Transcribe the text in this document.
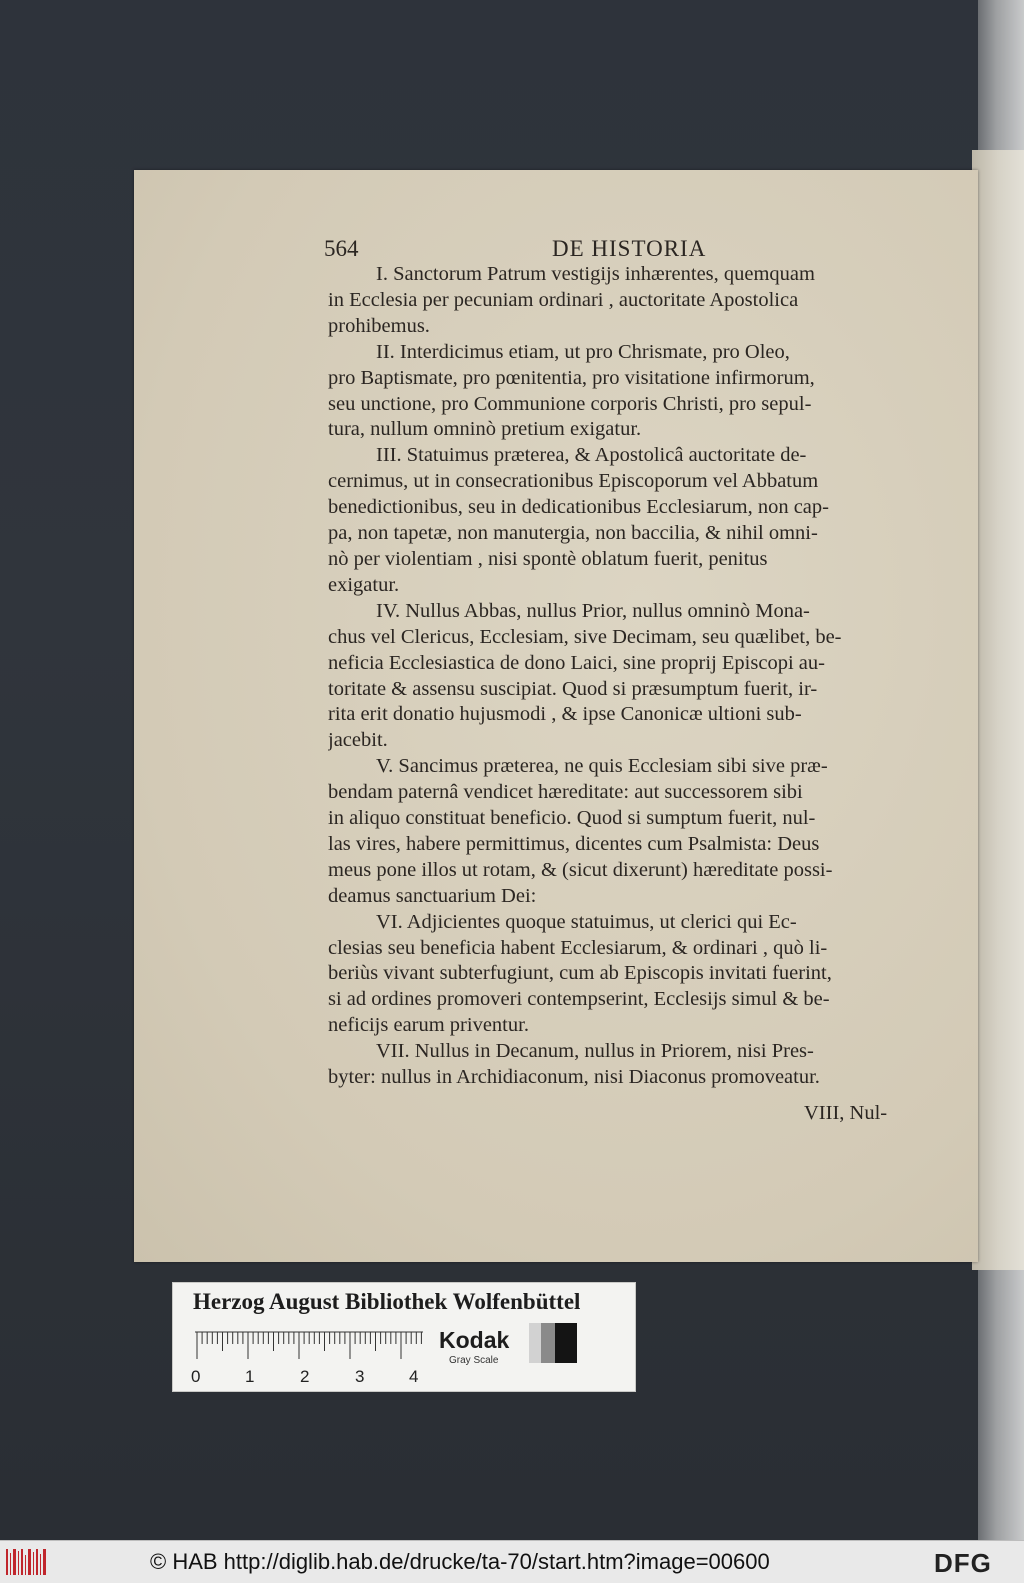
564	DE HISTORIA
I. Sanctorum Patrum vestigijs inhærentes, quemquam
in Ecclesia per pecuniam ordinari , auctoritate Apostolica
prohibemus.
II. Interdicimus etiam, ut pro Chrismate, pro Oleo,
pro Baptismate, pro pœnitentia, pro visitatione infirmorum,
seu unctione, pro Communione corporis Christi, pro sepul-
tura, nullum omninò pretium exigatur.
III. Statuimus præterea, & Apostolicâ auctoritate de-
cernimus, ut in consecrationibus Episcoporum vel Abbatum
benedictionibus, seu in dedicationibus Ecclesiarum, non cap-
pa, non tapetæ, non manutergia, non baccilia, & nihil omni-
nò per violentiam , nisi spontè oblatum fuerit, penitus
exigatur.
IV. Nullus Abbas, nullus Prior, nullus omninò Mona-
chus vel Clericus, Ecclesiam, sive Decimam, seu quælibet, be-
neficia Ecclesiastica de dono Laici, sine proprij Episcopi au-
toritate & assensu suscipiat. Quod si præsumptum fuerit, ir-
rita erit donatio hujusmodi , & ipse Canonicæ ultioni sub-
jacebit.
V. Sancimus præterea, ne quis Ecclesiam sibi sive præ-
bendam paternâ vendicet hæreditate: aut successorem sibi
in aliquo constituat beneficio. Quod si sumptum fuerit, nul-
las vires, habere permittimus, dicentes cum Psalmista: Deus
meus pone illos ut rotam, & (sicut dixerunt) hæreditate possi-
deamus sanctuarium Dei:
VI. Adjicientes quoque statuimus, ut clerici qui Ec-
clesias seu beneficia habent Ecclesiarum, & ordinari , quò li-
beriùs vivant subterfugiunt, cum ab Episcopis invitati fuerint,
si ad ordines promoveri contempserint, Ecclesijs simul & be-
neficijs earum priventur.
VII. Nullus in Decanum, nullus in Priorem, nisi Pres-
byter: nullus in Archidiaconum, nisi Diaconus promoveatur.
VIII, Nul-
Herzog August Bibliothek Wolfenbüttel
0	1	2	3	4
Kodak
Gray Scale
© HAB http://diglib.hab.de/drucke/ta-70/start.htm?image=00600	DFG
